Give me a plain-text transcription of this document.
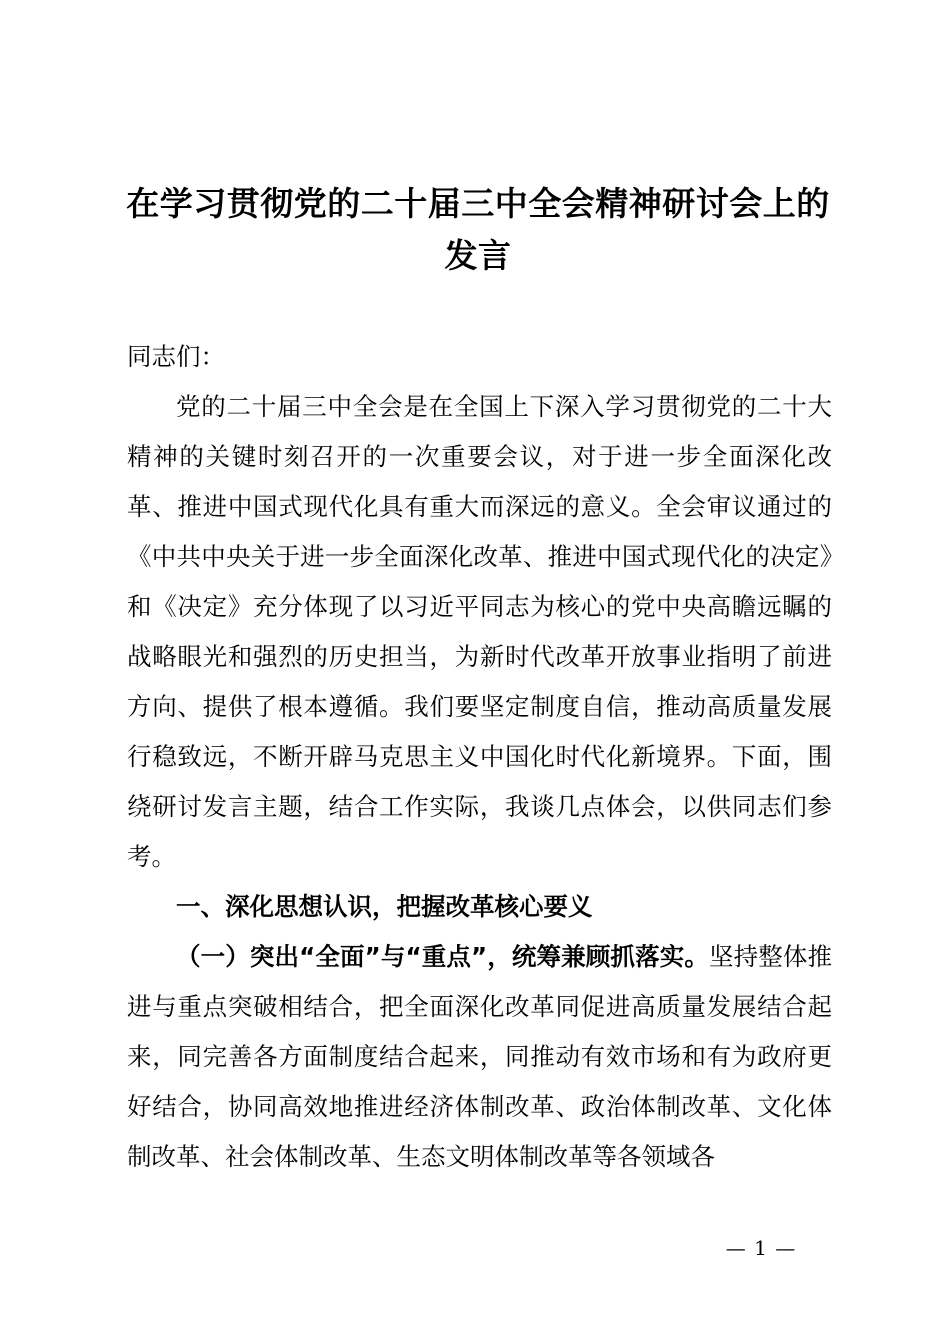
在学习贯彻党的二十届三中全会精神研讨会上的发言

同志们：

党的二十届三中全会是在全国上下深入学习贯彻党的二十大精神的关键时刻召开的一次重要会议，对于进一步全面深化改革、推进中国式现代化具有重大而深远的意义。全会审议通过的《中共中央关于进一步全面深化改革、推进中国式现代化的决定》和《决定》充分体现了以习近平同志为核心的党中央高瞻远瞩的战略眼光和强烈的历史担当，为新时代改革开放事业指明了前进方向、提供了根本遵循。我们要坚定制度自信，推动高质量发展行稳致远，不断开辟马克思主义中国化时代化新境界。下面，围绕研讨发言主题，结合工作实际，我谈几点体会，以供同志们参考。

一、深化思想认识，把握改革核心要义

（一）突出“全面”与“重点”，统筹兼顾抓落实。坚持整体推进与重点突破相结合，把全面深化改革同促进高质量发展结合起来，同完善各方面制度结合起来，同推动有效市场和有为政府更好结合，协同高效地推进经济体制改革、政治体制改革、文化体制改革、社会体制改革、生态文明体制改革等各领域各

— 1 —
